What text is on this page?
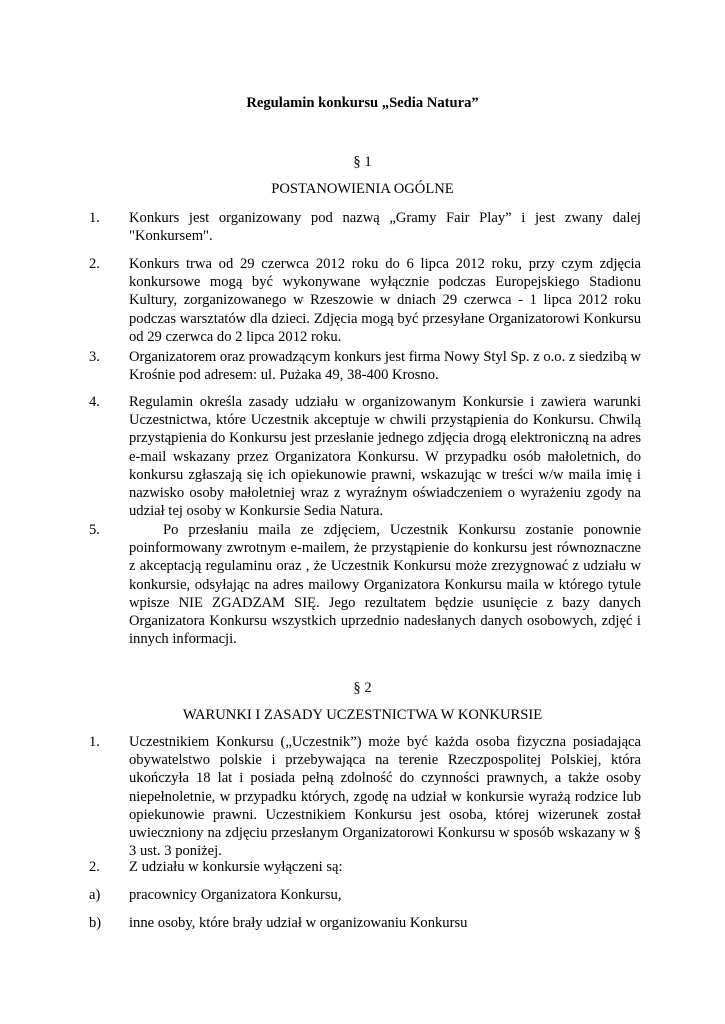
Regulamin konkursu „Sedia Natura”
§ 1
POSTANOWIENIA OGÓLNE
1.	Konkurs jest organizowany pod nazwą „Gramy Fair Play” i jest zwany dalej "Konkursem".
2.	Konkurs trwa od 29 czerwca 2012 roku do 6 lipca 2012 roku, przy czym zdjęcia konkursowe mogą być wykonywane wyłącznie podczas Europejskiego Stadionu Kultury, zorganizowanego w Rzeszowie w dniach 29 czerwca - 1 lipca 2012 roku podczas warsztatów dla dzieci. Zdjęcia mogą być przesyłane Organizatorowi Konkursu od 29 czerwca do 2 lipca 2012 roku.
3.	Organizatorem oraz prowadzącym konkurs jest firma Nowy Styl Sp. z o.o. z siedzibą w Krośnie pod adresem: ul. Pużaka 49, 38-400 Krosno.
4.	Regulamin określa zasady udziału w organizowanym Konkursie i zawiera warunki Uczestnictwa, które Uczestnik akceptuje w chwili przystąpienia do Konkursu. Chwilą przystąpienia do Konkursu jest przesłanie jednego zdjęcia drogą elektroniczną na adres e-mail wskazany przez Organizatora Konkursu. W przypadku osób małoletnich, do konkursu zgłaszają się ich opiekunowie prawni, wskazując w treści w/w maila imię i nazwisko osoby małoletniej wraz z wyraźnym oświadczeniem o wyrażeniu zgody na udział tej osoby w Konkursie Sedia Natura.
5.	Po przesłaniu maila ze zdjęciem, Uczestnik Konkursu zostanie ponownie poinformowany zwrotnym e-mailem, że przystąpienie do konkursu jest równoznaczne z akceptacją regulaminu oraz , że Uczestnik Konkursu może zrezygnować z udziału w konkursie, odsyłając na adres mailowy Organizatora Konkursu maila w którego tytule wpisze NIE ZGADZAM SIĘ. Jego rezultatem będzie usunięcie z bazy danych Organizatora Konkursu wszystkich uprzednio nadesłanych danych osobowych, zdjęć i innych informacji.
§ 2
WARUNKI I ZASADY UCZESTNICTWA W KONKURSIE
1.	Uczestnikiem Konkursu („Uczestnik”) może być każda osoba fizyczna posiadająca obywatelstwo polskie i przebywająca na terenie Rzeczpospolitej Polskiej, która ukończyła 18 lat i posiada pełną zdolność do czynności prawnych, a także osoby niepełnoletnie, w przypadku których, zgodę na udział w konkursie wyrażą rodzice lub opiekunowie prawni. Uczestnikiem Konkursu jest osoba, której wizerunek został uwieczniony na zdjęciu przesłanym Organizatorowi Konkursu w sposób wskazany w § 3 ust. 3 poniżej.
2.	Z udziału w konkursie wyłączeni są:
a)	pracownicy Organizatora Konkursu,
b)	inne osoby, które brały udział w organizowaniu Konkursu
